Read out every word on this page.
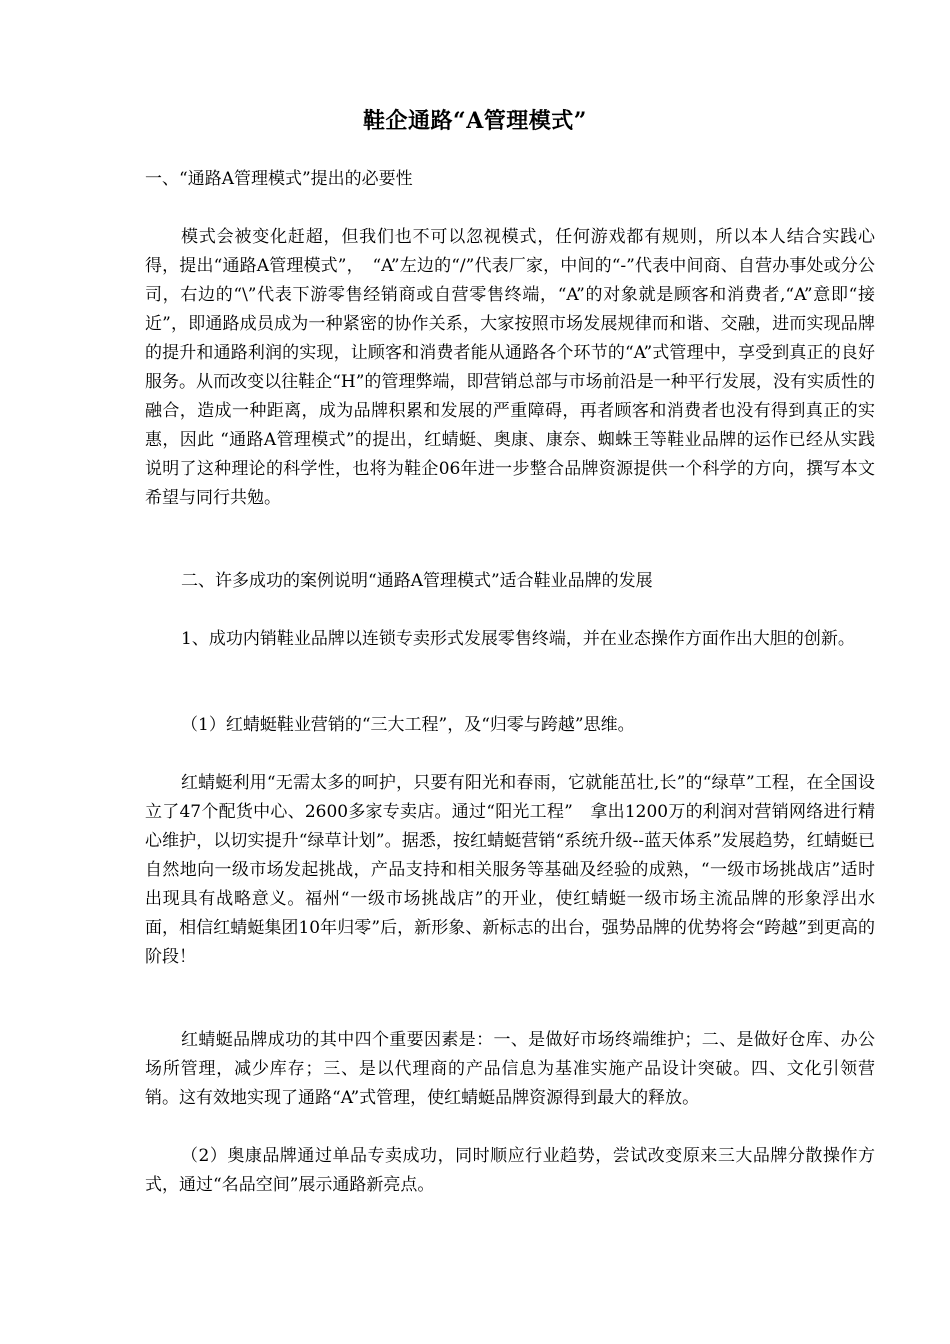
鞋企通路“A管理模式”

一、“通路A管理模式”提出的必要性

模式会被变化赶超，但我们也不可以忽视模式，任何游戏都有规则，所以本人结合实践心得，提出“通路A管理模式”，　“A”左边的“/”代表厂家，中间的“-”代表中间商、自营办事处或分公司，右边的“\”代表下游零售经销商或自营零售终端，“A”的对象就是顾客和消费者,“A”意即“接近”，即通路成员成为一种紧密的协作关系，大家按照市场发展规律而和谐、交融，进而实现品牌的提升和通路利润的实现，让顾客和消费者能从通路各个环节的“A”式管理中，享受到真正的良好服务。从而改变以往鞋企“H”的管理弊端，即营销总部与市场前沿是一种平行发展，没有实质性的融合，造成一种距离，成为品牌积累和发展的严重障碍，再者顾客和消费者也没有得到真正的实惠，因此 “通路A管理模式”的提出，红蜻蜓、奥康、康奈、蜘蛛王等鞋业品牌的运作已经从实践说明了这种理论的科学性，也将为鞋企06年进一步整合品牌资源提供一个科学的方向，撰写本文希望与同行共勉。

二、许多成功的案例说明“通路A管理模式”适合鞋业品牌的发展

1、成功内销鞋业品牌以连锁专卖形式发展零售终端，并在业态操作方面作出大胆的创新。

（1）红蜻蜓鞋业营销的“三大工程”，及“归零与跨越”思维。

红蜻蜓利用“无需太多的呵护，只要有阳光和春雨，它就能茁壮,长”的“绿草”工程，在全国设立了47个配货中心、2600多家专卖店。通过“阳光工程”　拿出1200万的利润对营销网络进行精心维护，以切实提升“绿草计划”。据悉，按红蜻蜓营销“系统升级--蓝天体系”发展趋势，红蜻蜓已自然地向一级市场发起挑战，产品支持和相关服务等基础及经验的成熟，“一级市场挑战店”适时出现具有战略意义。福州“一级市场挑战店”的开业，使红蜻蜓一级市场主流品牌的形象浮出水面，相信红蜻蜓集团10年归零”后，新形象、新标志的出台，强势品牌的优势将会“跨越”到更高的阶段！

红蜻蜓品牌成功的其中四个重要因素是：一、是做好市场终端维护；二、是做好仓库、办公场所管理，减少库存；三、是以代理商的产品信息为基准实施产品设计突破。四、文化引领营销。这有效地实现了通路“A”式管理，使红蜻蜓品牌资源得到最大的释放。

（2）奥康品牌通过单品专卖成功，同时顺应行业趋势，尝试改变原来三大品牌分散操作方式，通过“名品空间”展示通路新亮点。
